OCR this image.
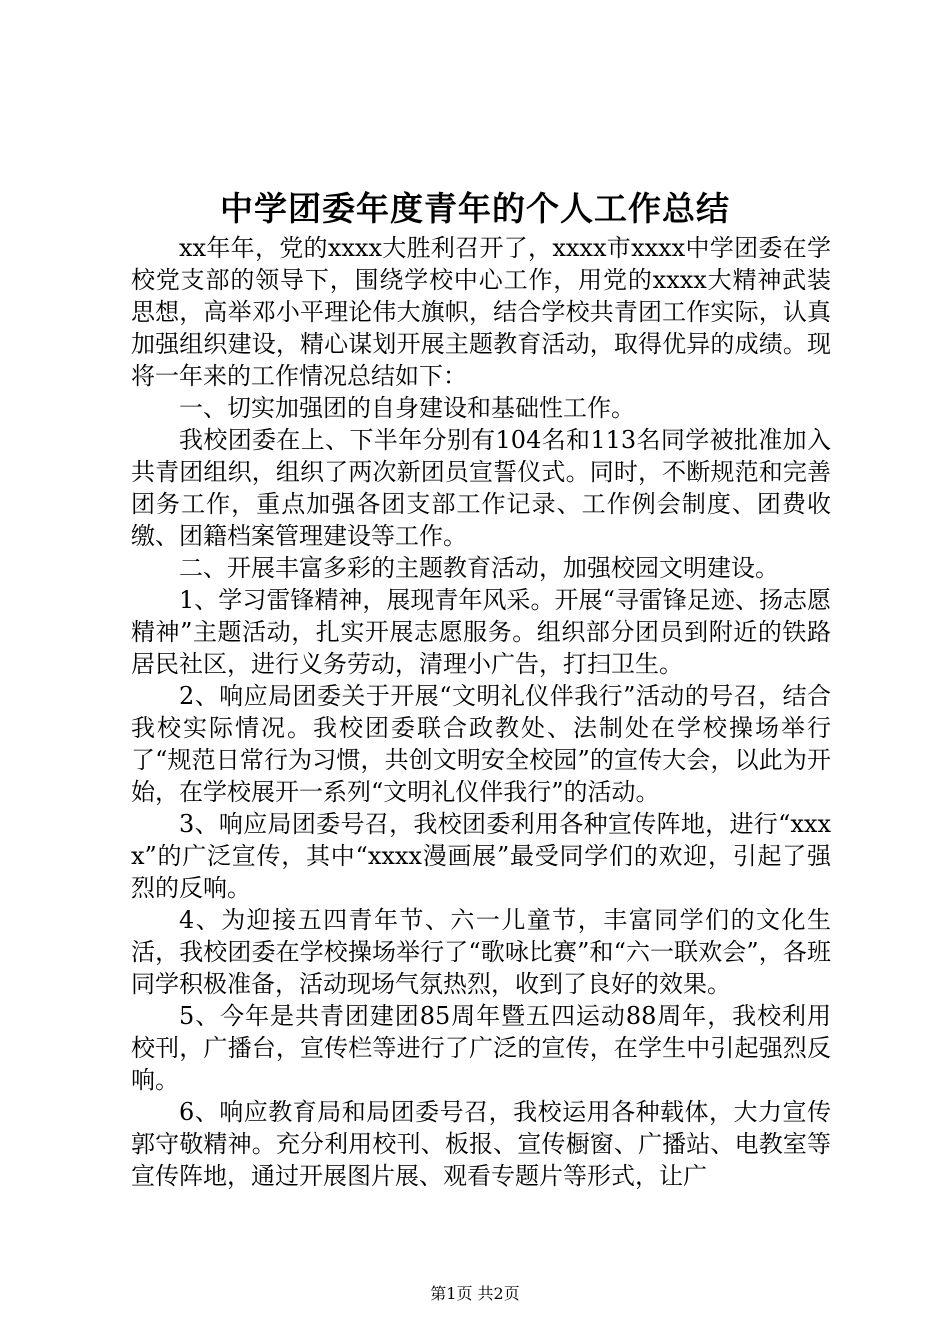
中学团委年度青年的个人工作总结

xx年年，党的xxxx大胜利召开了，xxxx市xxxx中学团委在学校党支部的领导下，围绕学校中心工作，用党的xxxx大精神武装思想，高举邓小平理论伟大旗帜，结合学校共青团工作实际，认真加强组织建设，精心谋划开展主题教育活动，取得优异的成绩。现将一年来的工作情况总结如下：

一、切实加强团的自身建设和基础性工作。

我校团委在上、下半年分别有104名和113名同学被批准加入共青团组织，组织了两次新团员宣誓仪式。同时，不断规范和完善团务工作，重点加强各团支部工作记录、工作例会制度、团费收缴、团籍档案管理建设等工作。

二、开展丰富多彩的主题教育活动，加强校园文明建设。

1、学习雷锋精神，展现青年风采。开展“寻雷锋足迹、扬志愿精神”主题活动，扎实开展志愿服务。组织部分团员到附近的铁路居民社区，进行义务劳动，清理小广告，打扫卫生。

2、响应局团委关于开展“文明礼仪伴我行”活动的号召，结合我校实际情况。我校团委联合政教处、法制处在学校操场举行了“规范日常行为习惯，共创文明安全校园”的宣传大会，以此为开始，在学校展开一系列“文明礼仪伴我行”的活动。

3、响应局团委号召，我校团委利用各种宣传阵地，进行“xxxx”的广泛宣传，其中“xxxx漫画展”最受同学们的欢迎，引起了强烈的反响。

4、为迎接五四青年节、六一儿童节，丰富同学们的文化生活，我校团委在学校操场举行了“歌咏比赛”和“六一联欢会”，各班同学积极准备，活动现场气氛热烈，收到了良好的效果。

5、今年是共青团建团85周年暨五四运动88周年，我校利用校刊，广播台，宣传栏等进行了广泛的宣传，在学生中引起强烈反响。

6、响应教育局和局团委号召，我校运用各种载体，大力宣传郭守敬精神。充分利用校刊、板报、宣传橱窗、广播站、电教室等宣传阵地，通过开展图片展、观看专题片等形式，让广

第1页 共2页
